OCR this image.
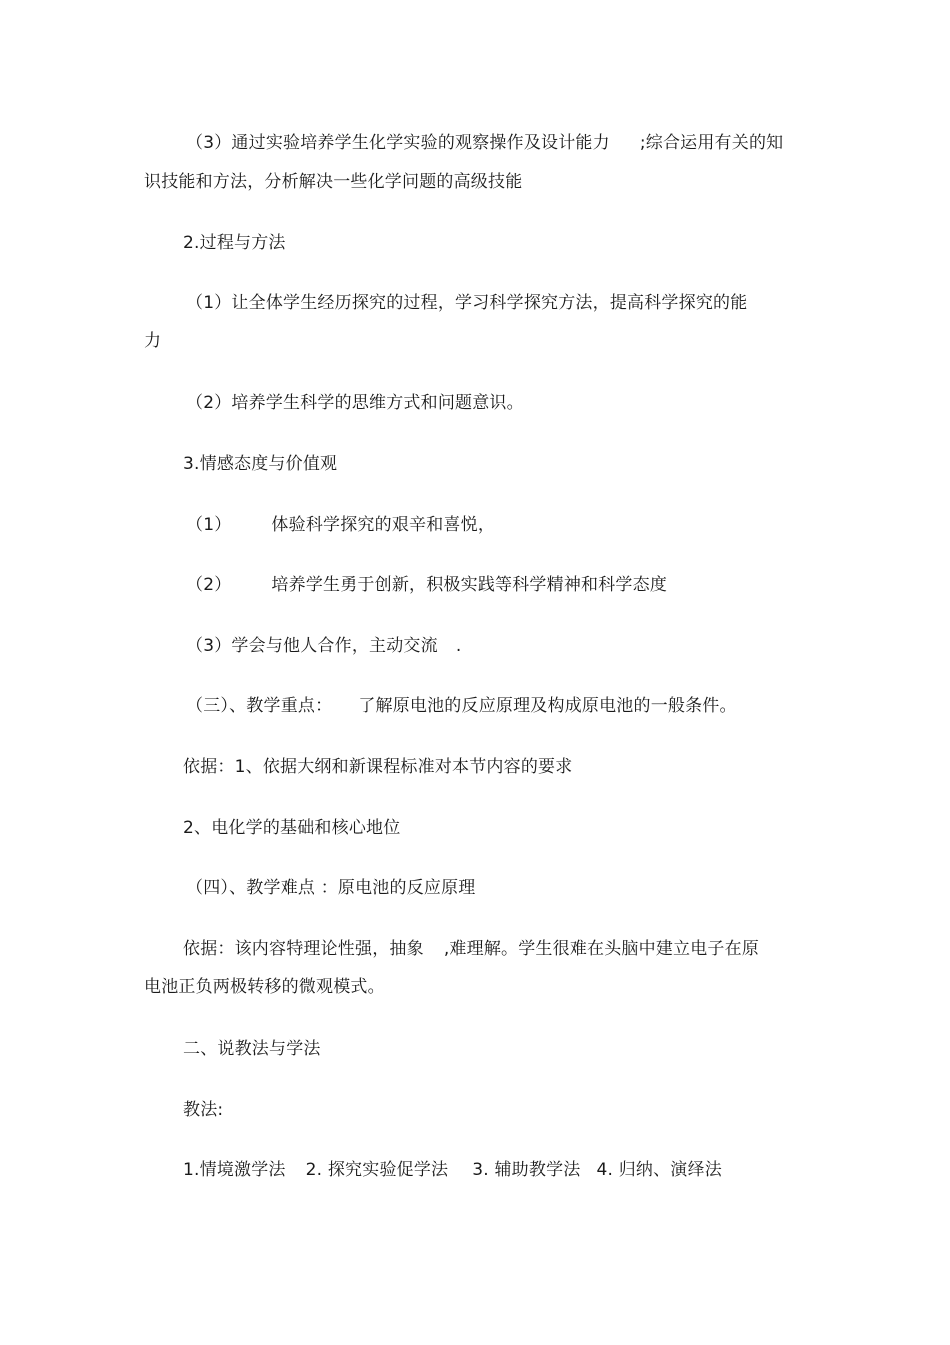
（3）通过实验培养学生化学实验的观察操作及设计能力 ;综合运用有关的知
识技能和方法，分析解决一些化学问题的高级技能
2.过程与方法
（1）让全体学生经历探究的过程，学习科学探究方法，提高科学探究的能
力
（2）培养学生科学的思维方式和问题意识。
3.情感态度与价值观
（1） 体验科学探究的艰辛和喜悦，
（2） 培养学生勇于创新，积极实践等科学精神和科学态度
（3）学会与他人合作，主动交流 .
（三）、教学重点： 了解原电池的反应原理及构成原电池的一般条件。
依据：1、依据大纲和新课程标准对本节内容的要求
2、电化学的基础和核心地位
（四）、教学难点 ：原电池的反应原理
依据：该内容特理论性强，抽象 ,难理解。学生很难在头脑中建立电子在原
电池正负两极转移的微观模式。
二、说教法与学法
教法:
1.情境激学法 2. 探究实验促学法 3. 辅助教学法 4. 归纳、演绎法
